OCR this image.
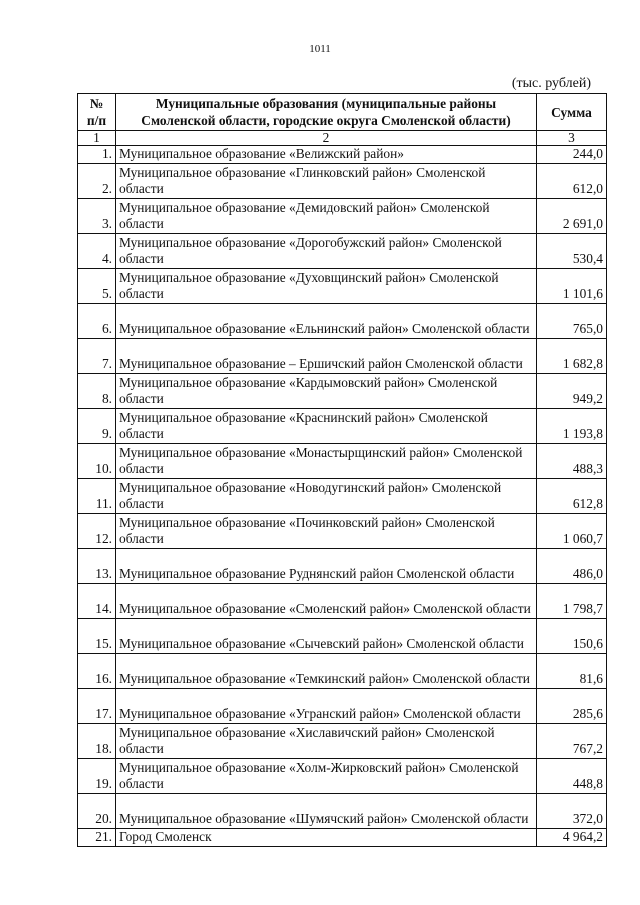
1011
(тыс. рублей)
№
п/п	Муниципальные образования (муниципальные районы Смоленской области, городские округа Смоленской области)	Сумма
1	2	3
1.	Муниципальное образование «Велижский район»	244,0
2.	Муниципальное образование «Глинковский район» Смоленской области	612,0
3.	Муниципальное образование «Демидовский район» Смоленской области	2 691,0
4.	Муниципальное образование «Дорогобужский район» Смоленской области	530,4
5.	Муниципальное образование «Духовщинский район» Смоленской области	1 101,6
6.	Муниципальное образование «Ельнинский район» Смоленской области	765,0
7.	Муниципальное образование – Ершичский район Смоленской области	1 682,8
8.	Муниципальное образование «Кардымовский район» Смоленской области	949,2
9.	Муниципальное образование «Краснинский район» Смоленской области	1 193,8
10.	Муниципальное образование «Монастырщинский район» Смоленской области	488,3
11.	Муниципальное образование «Новодугинский район» Смоленской области	612,8
12.	Муниципальное образование «Починковский район» Смоленской области	1 060,7
13.	Муниципальное образование Руднянский район Смоленской области	486,0
14.	Муниципальное образование «Смоленский район» Смоленской области	1 798,7
15.	Муниципальное образование «Сычевский район» Смоленской области	150,6
16.	Муниципальное образование «Темкинский район» Смоленской области	81,6
17.	Муниципальное образование «Угранский район» Смоленской области	285,6
18.	Муниципальное образование «Хиславичский район» Смоленской области	767,2
19.	Муниципальное образование «Холм-Жирковский район» Смоленской области	448,8
20.	Муниципальное образование «Шумячский район» Смоленской области	372,0
21.	Город Смоленск	4 964,2
